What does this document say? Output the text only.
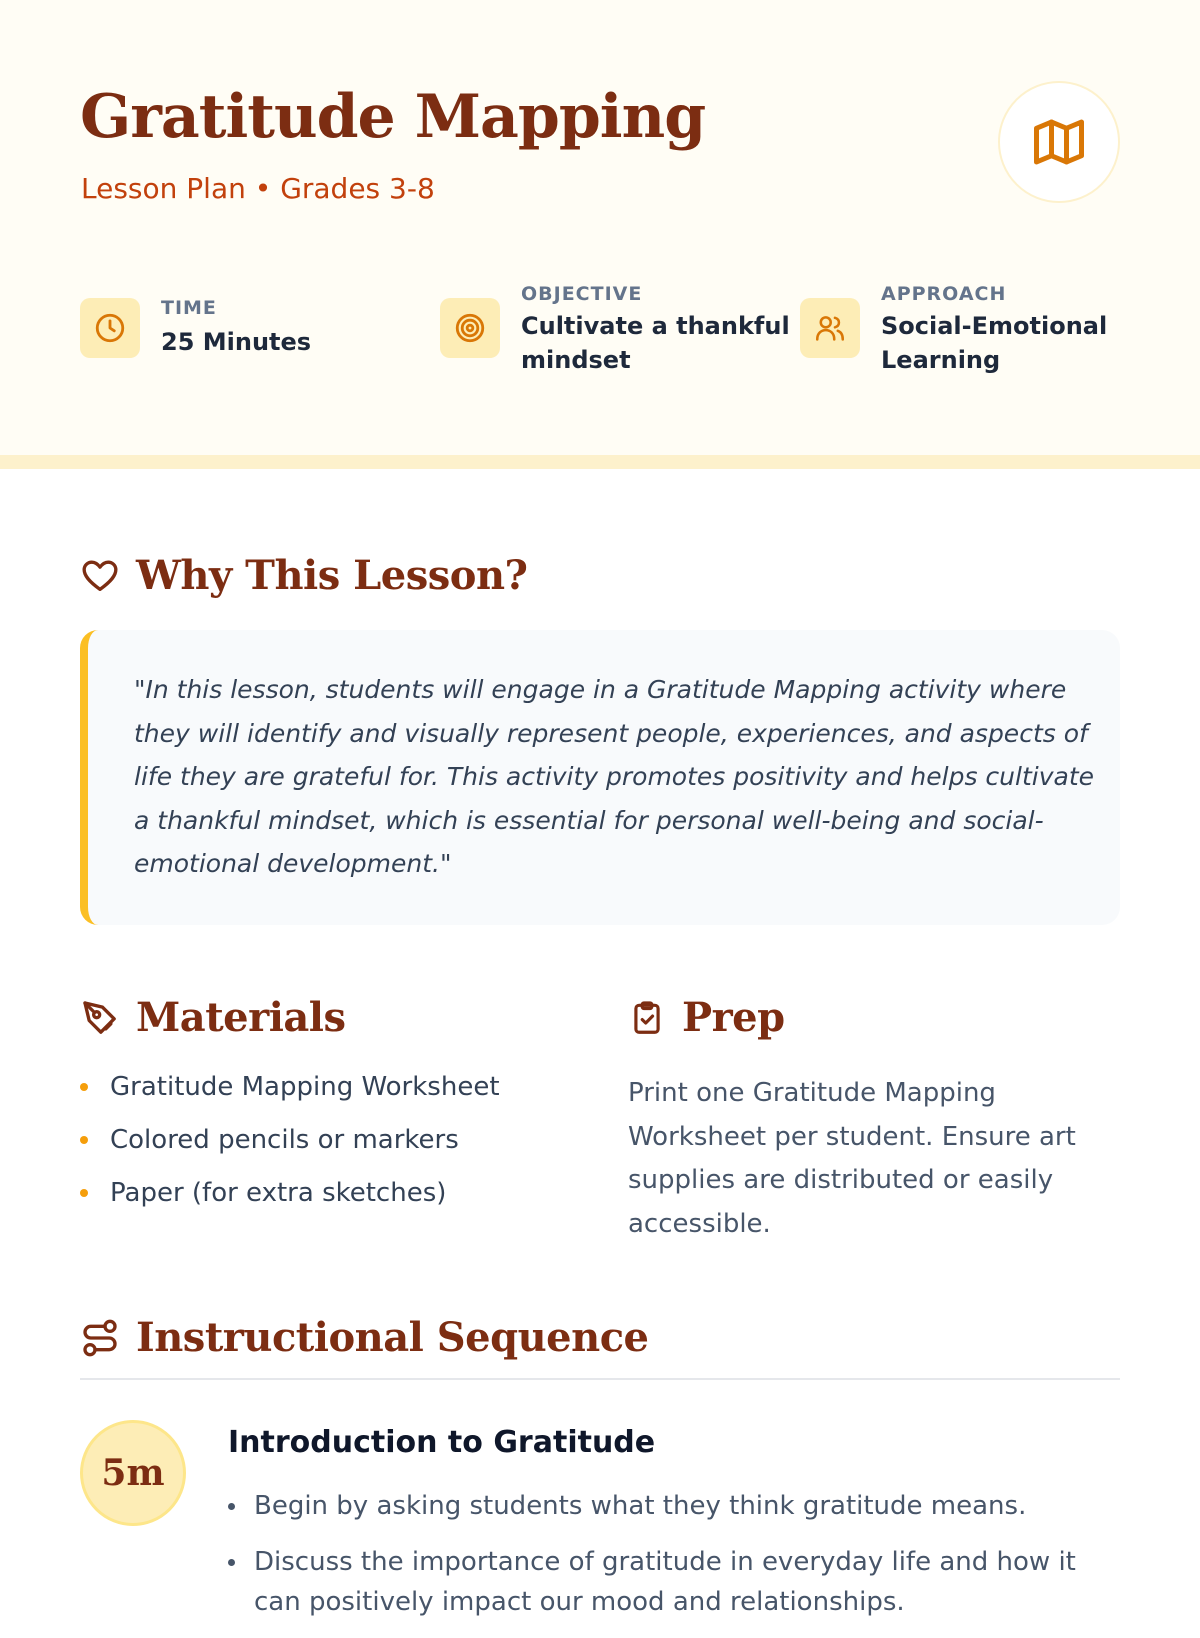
Gratitude Mapping
Lesson Plan • Grades 3-8
TIME
25 Minutes
OBJECTIVE
Cultivate a thankful
mindset
APPROACH
Social-Emotional
Learning
Why This Lesson?
"In this lesson, students will engage in a Gratitude Mapping activity where they will identify and visually represent people, experiences, and aspects of life they are grateful for. This activity promotes positivity and helps cultivate a thankful mindset, which is essential for personal well-being and social-emotional development."
Materials
Gratitude Mapping Worksheet
Colored pencils or markers
Paper (for extra sketches)
Prep
Print one Gratitude Mapping Worksheet per student. Ensure art supplies are distributed or easily accessible.
Instructional Sequence
5m
Introduction to Gratitude
Begin by asking students what they think gratitude means.
Discuss the importance of gratitude in everyday life and how it can positively impact our mood and relationships.
